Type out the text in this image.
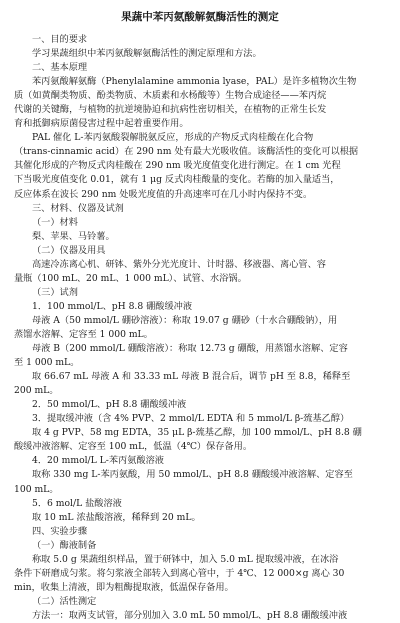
果蔬中苯丙氨酸解氨酶活性的测定
一、目的要求
学习果蔬组织中苯丙氨酸解氨酶活性的测定原理和方法。
二、基本原理
苯丙氨酸解氨酶（Phenylalamine ammonia lyase，PAL）是许多植物次生物
质（如黄酮类物质、酚类物质、木质素和水杨酸等）生物合成途径——苯丙烷
代谢的关键酶，与植物的抗逆境胁迫和抗病性密切相关，在植物的正常生长发
育和抵御病原菌侵害过程中起着重要作用。
PAL 催化 L-苯丙氨酸裂解脱氨反应，形成的产物反式肉桂酸在化合物
（trans-cinnamic acid）在 290 nm 处有最大光吸收值。该酶活性的变化可以根据
其催化形成的产物反式肉桂酸在 290 nm 吸光度值变化进行测定。在 1 cm 光程
下当吸光度值变化 0.01，就有 1 μg 反式肉桂酸量的变化。若酶的加入量适当，
反应体系在波长 290 nm 处吸光度值的升高速率可在几小时内保持不变。
三、材料、仪器及试剂
（一）材料
梨、苹果、马铃薯。
（二）仪器及用具
高速冷冻离心机、研钵、紫外分光光度计、计时器、移液器、离心管、容
量瓶（100 mL、20 mL、1 000 mL）、试管、水浴锅。
（三）试剂
1．100 mmol/L、pH 8.8 硼酸缓冲液
母液 A（50 mmol/L 硼砂溶液）：称取 19.07 g 硼砂（十水合硼酸钠），用
蒸馏水溶解、定容至 1 000 mL。
母液 B（200 mmol/L 硼酸溶液）：称取 12.73 g 硼酸，用蒸馏水溶解、定容
至 1 000 mL。
取 66.67 mL 母液 A 和 33.33 mL 母液 B 混合后，调节 pH 至 8.8，稀释至
200 mL。
2．50 mmol/L、pH 8.8 硼酸缓冲液
3．提取缓冲液（含 4% PVP、2 mmol/L EDTA 和 5 mmol/L β-巯基乙醇）
取 4 g PVP、58 mg EDTA，35 μL β-巯基乙醇，加 100 mmol/L、pH 8.8 硼
酸缓冲液溶解、定容至 100 mL，低温（4℃）保存备用。
4．20 mmol/L L-苯丙氨酸溶液
取称 330 mg L-苯丙氨酸，用 50 mmol/L、pH 8.8 硼酸缓冲液溶解、定容至
100 mL。
5．6 mol/L 盐酸溶液
取 10 mL 浓盐酸溶液，稀释到 20 mL。
四、实验步骤
（一）酶液制备
称取 5.0 g 果蔬组织样品，置于研钵中，加入 5.0 mL 提取缓冲液，在冰浴
条件下研磨成匀浆。将匀浆液全部转入到离心管中，于 4℃、12 000×g 离心 30
min，收集上清液，即为粗酶提取液，低温保存备用。
（二）活性测定
方法一：取两支试管，部分别加入 3.0 mL 50 mmol/L、pH 8.8 硼酸缓冲液
